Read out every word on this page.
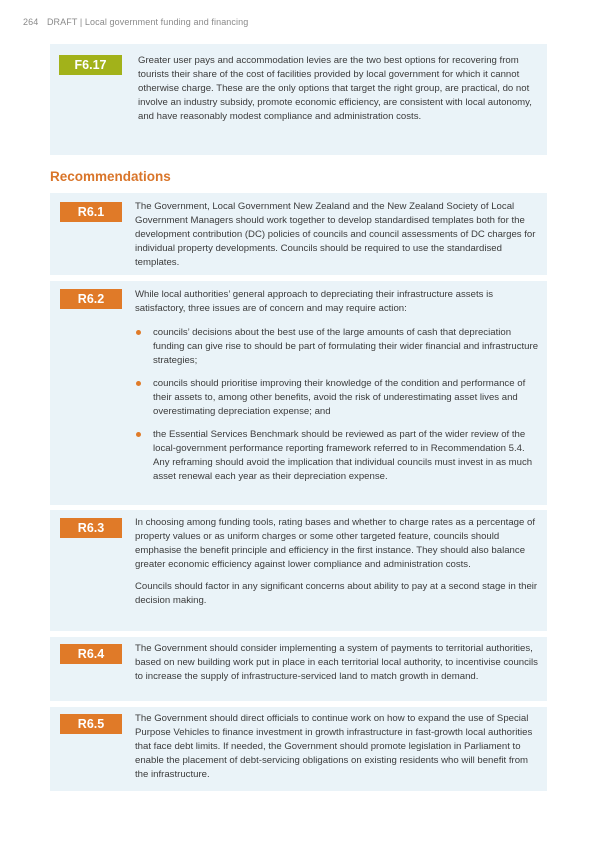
264 DRAFT | Local government funding and financing
F6.17	Greater user pays and accommodation levies are the two best options for recovering from tourists their share of the cost of facilities provided by local government for which it cannot otherwise charge. These are the only options that target the right group, are practical, do not involve an industry subsidy, promote economic efficiency, are consistent with local autonomy, and have reasonably modest compliance and administration costs.

Recommendations
R6.1	The Government, Local Government New Zealand and the New Zealand Society of Local Government Managers should work together to develop standardised templates both for the development contribution (DC) policies of councils and council assessments of DC charges for individual property developments. Councils should be required to use the standardised templates.

R6.2	While local authorities’ general approach to depreciating their infrastructure assets is satisfactory, three issues are of concern and may require action:

councils’ decisions about the best use of the large amounts of cash that depreciation funding can give rise to should be part of formulating their wider financial and infrastructure strategies;
councils should prioritise improving their knowledge of the condition and performance of their assets to, among other benefits, avoid the risk of underestimating asset lives and overestimating depreciation expense; and
the Essential Services Benchmark should be reviewed as part of the wider review of the local-government performance reporting framework referred to in Recommendation 5.4. Any reframing should avoid the implication that individual councils must invest in as much asset renewal each year as their depreciation expense.
R6.3	In choosing among funding tools, rating bases and whether to charge rates as a percentage of property values or as uniform charges or some other targeted feature, councils should emphasise the benefit principle and efficiency in the first instance. They should also balance greater economic efficiency against lower compliance and administration costs.

Councils should factor in any significant concerns about ability to pay at a second stage in their decision making.

R6.4	The Government should consider implementing a system of payments to territorial authorities, based on new building work put in place in each territorial local authority, to incentivise councils to increase the supply of infrastructure-serviced land to match growth in demand.

R6.5	The Government should direct officials to continue work on how to expand the use of Special Purpose Vehicles to finance investment in growth infrastructure in fast-growth local authorities that face debt limits. If needed, the Government should promote legislation in Parliament to enable the placement of debt-servicing obligations on existing residents who will benefit from the infrastructure.
